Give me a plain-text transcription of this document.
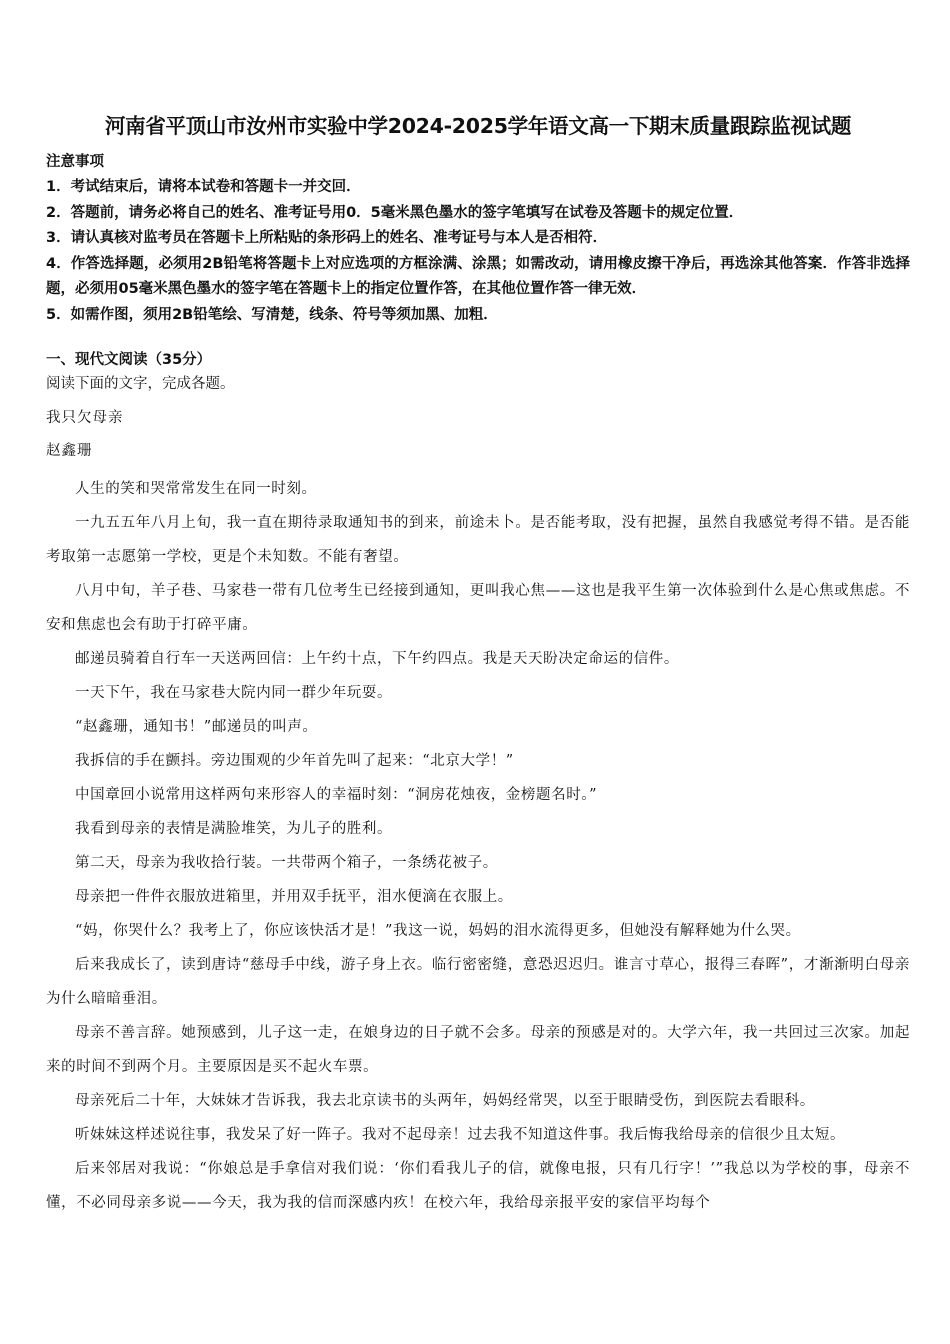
河南省平顶山市汝州市实验中学2024-2025学年语文高一下期末质量跟踪监视试题
注意事项
1．考试结束后，请将本试卷和答题卡一并交回．
2．答题前，请务必将自己的姓名、准考证号用0．5毫米黑色墨水的签字笔填写在试卷及答题卡的规定位置．
3．请认真核对监考员在答题卡上所粘贴的条形码上的姓名、准考证号与本人是否相符．
4．作答选择题，必须用2B铅笔将答题卡上对应选项的方框涂满、涂黑；如需改动，请用橡皮擦干净后，再选涂其他答案．作答非选择题，必须用05毫米黑色墨水的签字笔在答题卡上的指定位置作答，在其他位置作答一律无效．
5．如需作图，须用2B铅笔绘、写清楚，线条、符号等须加黑、加粗．
一、现代文阅读（35分）
阅读下面的文字，完成各题。
我只欠母亲
赵鑫珊

人生的笑和哭常常发生在同一时刻。

一九五五年八月上旬，我一直在期待录取通知书的到来，前途未卜。是否能考取，没有把握，虽然自我感觉考得不错。是否能考取第一志愿第一学校，更是个未知数。不能有奢望。

八月中旬，羊子巷、马家巷一带有几位考生已经接到通知，更叫我心焦——这也是我平生第一次体验到什么是心焦或焦虑。不安和焦虑也会有助于打碎平庸。

邮递员骑着自行车一天送两回信：上午约十点，下午约四点。我是天天盼决定命运的信件。

一天下午，我在马家巷大院内同一群少年玩耍。

“赵鑫珊，通知书！”邮递员的叫声。

我拆信的手在颤抖。旁边围观的少年首先叫了起来：“北京大学！”

中国章回小说常用这样两句来形容人的幸福时刻：“洞房花烛夜，金榜题名时。”

我看到母亲的表情是满脸堆笑，为儿子的胜利。

第二天，母亲为我收拾行装。一共带两个箱子，一条绣花被子。

母亲把一件件衣服放进箱里，并用双手抚平，泪水便滴在衣服上。

“妈，你哭什么？我考上了，你应该快活才是！”我这一说，妈妈的泪水流得更多，但她没有解释她为什么哭。

后来我成长了，读到唐诗“慈母手中线，游子身上衣。临行密密缝，意恐迟迟归。谁言寸草心，报得三春晖”，才渐渐明白母亲为什么暗暗垂泪。

母亲不善言辞。她预感到，儿子这一走，在娘身边的日子就不会多。母亲的预感是对的。大学六年，我一共回过三次家。加起来的时间不到两个月。主要原因是买不起火车票。

母亲死后二十年，大妹妹才告诉我，我去北京读书的头两年，妈妈经常哭，以至于眼睛受伤，到医院去看眼科。

听妹妹这样述说往事，我发呆了好一阵子。我对不起母亲！过去我不知道这件事。我后悔我给母亲的信很少且太短。

后来邻居对我说：“你娘总是手拿信对我们说：‘你们看我儿子的信，就像电报，只有几行字！’”我总以为学校的事，母亲不懂，不必同母亲多说——今天，我为我的信而深感内疚！在校六年，我给母亲报平安的家信平均每个
